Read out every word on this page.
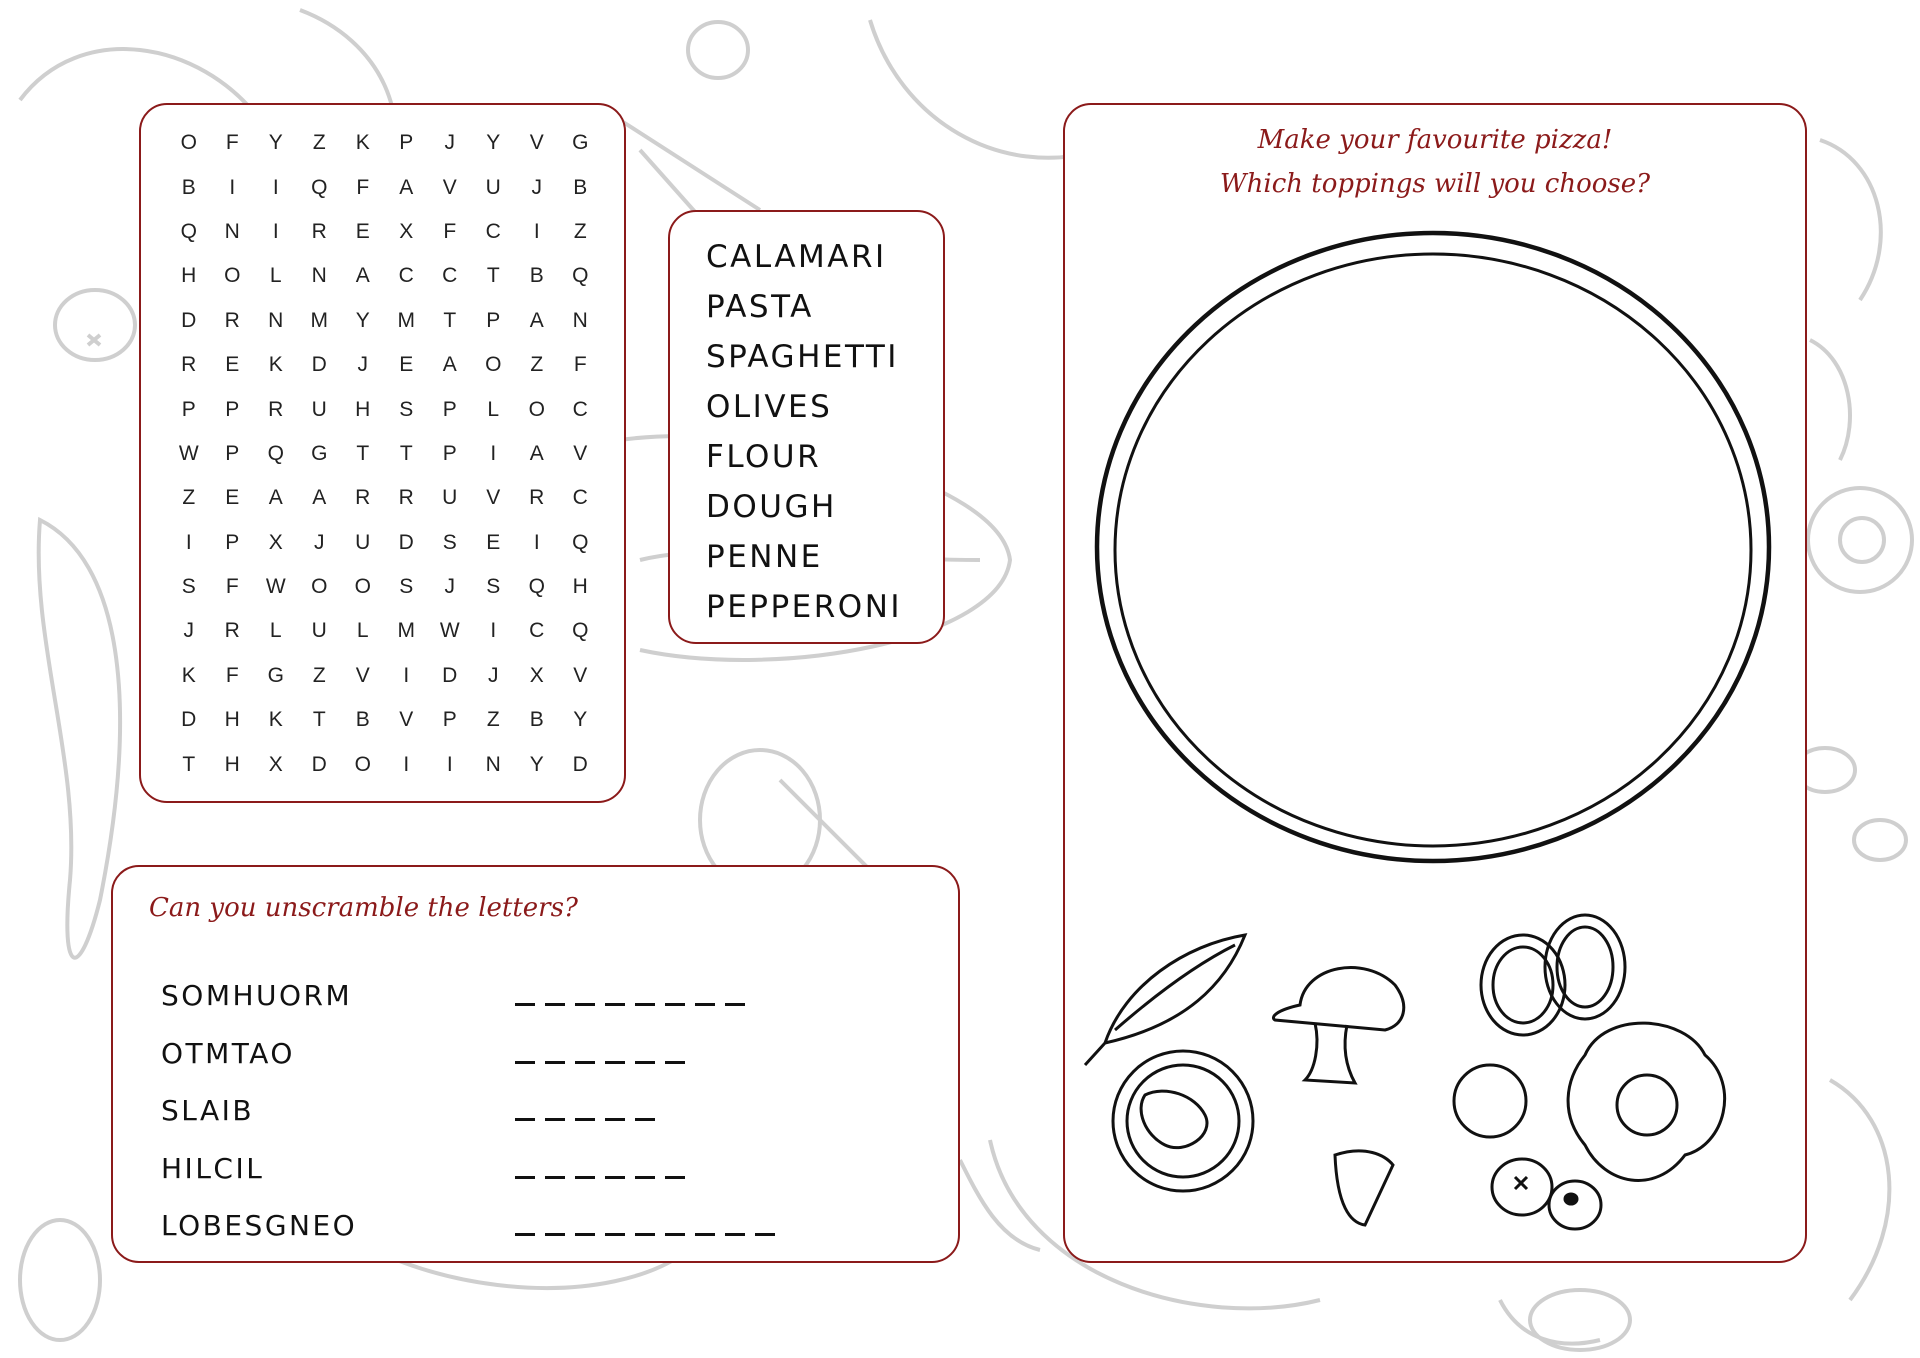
O	F	Y	Z	K	P	J	Y	V	G
B	I	I	Q	F	A	V	U	J	B
Q	N	I	R	E	X	F	C	I	Z
H	O	L	N	A	C	C	T	B	Q
D	R	N	M	Y	M	T	P	A	N
R	E	K	D	J	E	A	O	Z	F
P	P	R	U	H	S	P	L	O	C
W	P	Q	G	T	T	P	I	A	V
Z	E	A	A	R	R	U	V	R	C
I	P	X	J	U	D	S	E	I	Q
S	F	W	O	O	S	J	S	Q	H
J	R	L	U	L	M	W	I	C	Q
K	F	G	Z	V	I	D	J	X	V
D	H	K	T	B	V	P	Z	B	Y
T	H	X	D	O	I	I	N	Y	D
CALAMARI
PASTA
SPAGHETTI
OLIVES
FLOUR
DOUGH
PENNE
PEPPERONI
Can you unscramble the letters?
SOMHUORM
OTMTAO
SLAIB
HILCIL
LOBESGNEO
Make your favourite pizza!
Which toppings will you choose?
